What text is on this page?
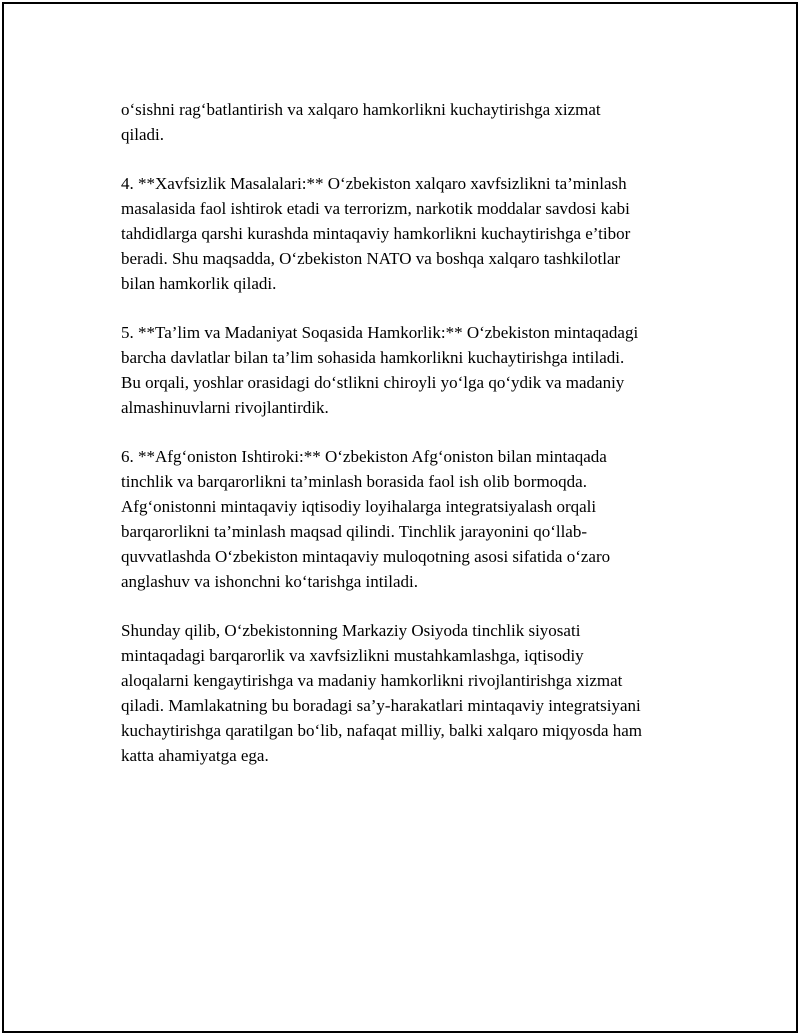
o‘sishni rag‘batlantirish va xalqaro hamkorlikni kuchaytirishga xizmat
qiladi.

4. **Xavfsizlik Masalalari:** O‘zbekiston xalqaro xavfsizlikni ta’minlash
masalasida faol ishtirok etadi va terrorizm, narkotik moddalar savdosi kabi
tahdidlarga qarshi kurashda mintaqaviy hamkorlikni kuchaytirishga e’tibor
beradi. Shu maqsadda, O‘zbekiston NATO va boshqa xalqaro tashkilotlar
bilan hamkorlik qiladi.

5. **Ta’lim va Madaniyat Soqasida Hamkorlik:** O‘zbekiston mintaqadagi
barcha davlatlar bilan ta’lim sohasida hamkorlikni kuchaytirishga intiladi.
Bu orqali, yoshlar orasidagi do‘stlikni chiroyli yo‘lga qo‘ydik va madaniy
almashinuvlarni rivojlantirdik.

6. **Afg‘oniston Ishtiroki:** O‘zbekiston Afg‘oniston bilan mintaqada
tinchlik va barqarorlikni ta’minlash borasida faol ish olib bormoqda.
Afg‘onistonni mintaqaviy iqtisodiy loyihalarga integratsiyalash orqali
barqarorlikni ta’minlash maqsad qilindi. Tinchlik jarayonini qo‘llab-
quvvatlashda O‘zbekiston mintaqaviy muloqotning asosi sifatida o‘zaro
anglashuv va ishonchni ko‘tarishga intiladi.

Shunday qilib, O‘zbekistonning Markaziy Osiyoda tinchlik siyosati
mintaqadagi barqarorlik va xavfsizlikni mustahkamlashga, iqtisodiy
aloqalarni kengaytirishga va madaniy hamkorlikni rivojlantirishga xizmat
qiladi. Mamlakatning bu boradagi sa’y-harakatlari mintaqaviy integratsiyani
kuchaytirishga qaratilgan bo‘lib, nafaqat milliy, balki xalqaro miqyosda ham
katta ahamiyatga ega.
